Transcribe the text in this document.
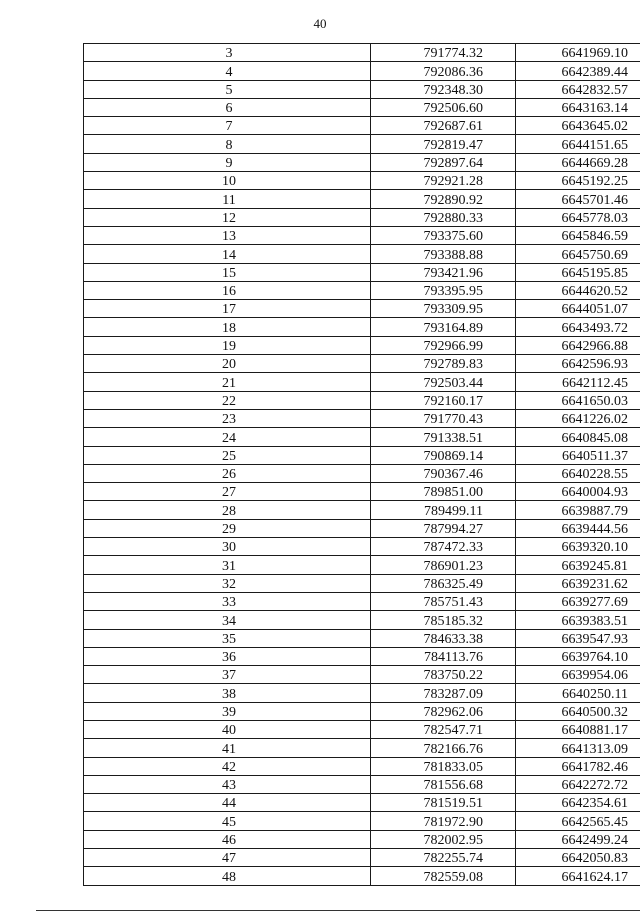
40
3	791774.32	6641969.10
4	792086.36	6642389.44
5	792348.30	6642832.57
6	792506.60	6643163.14
7	792687.61	6643645.02
8	792819.47	6644151.65
9	792897.64	6644669.28
10	792921.28	6645192.25
11	792890.92	6645701.46
12	792880.33	6645778.03
13	793375.60	6645846.59
14	793388.88	6645750.69
15	793421.96	6645195.85
16	793395.95	6644620.52
17	793309.95	6644051.07
18	793164.89	6643493.72
19	792966.99	6642966.88
20	792789.83	6642596.93
21	792503.44	6642112.45
22	792160.17	6641650.03
23	791770.43	6641226.02
24	791338.51	6640845.08
25	790869.14	6640511.37
26	790367.46	6640228.55
27	789851.00	6640004.93
28	789499.11	6639887.79
29	787994.27	6639444.56
30	787472.33	6639320.10
31	786901.23	6639245.81
32	786325.49	6639231.62
33	785751.43	6639277.69
34	785185.32	6639383.51
35	784633.38	6639547.93
36	784113.76	6639764.10
37	783750.22	6639954.06
38	783287.09	6640250.11
39	782962.06	6640500.32
40	782547.71	6640881.17
41	782166.76	6641313.09
42	781833.05	6641782.46
43	781556.68	6642272.72
44	781519.51	6642354.61
45	781972.90	6642565.45
46	782002.95	6642499.24
47	782255.74	6642050.83
48	782559.08	6641624.17
